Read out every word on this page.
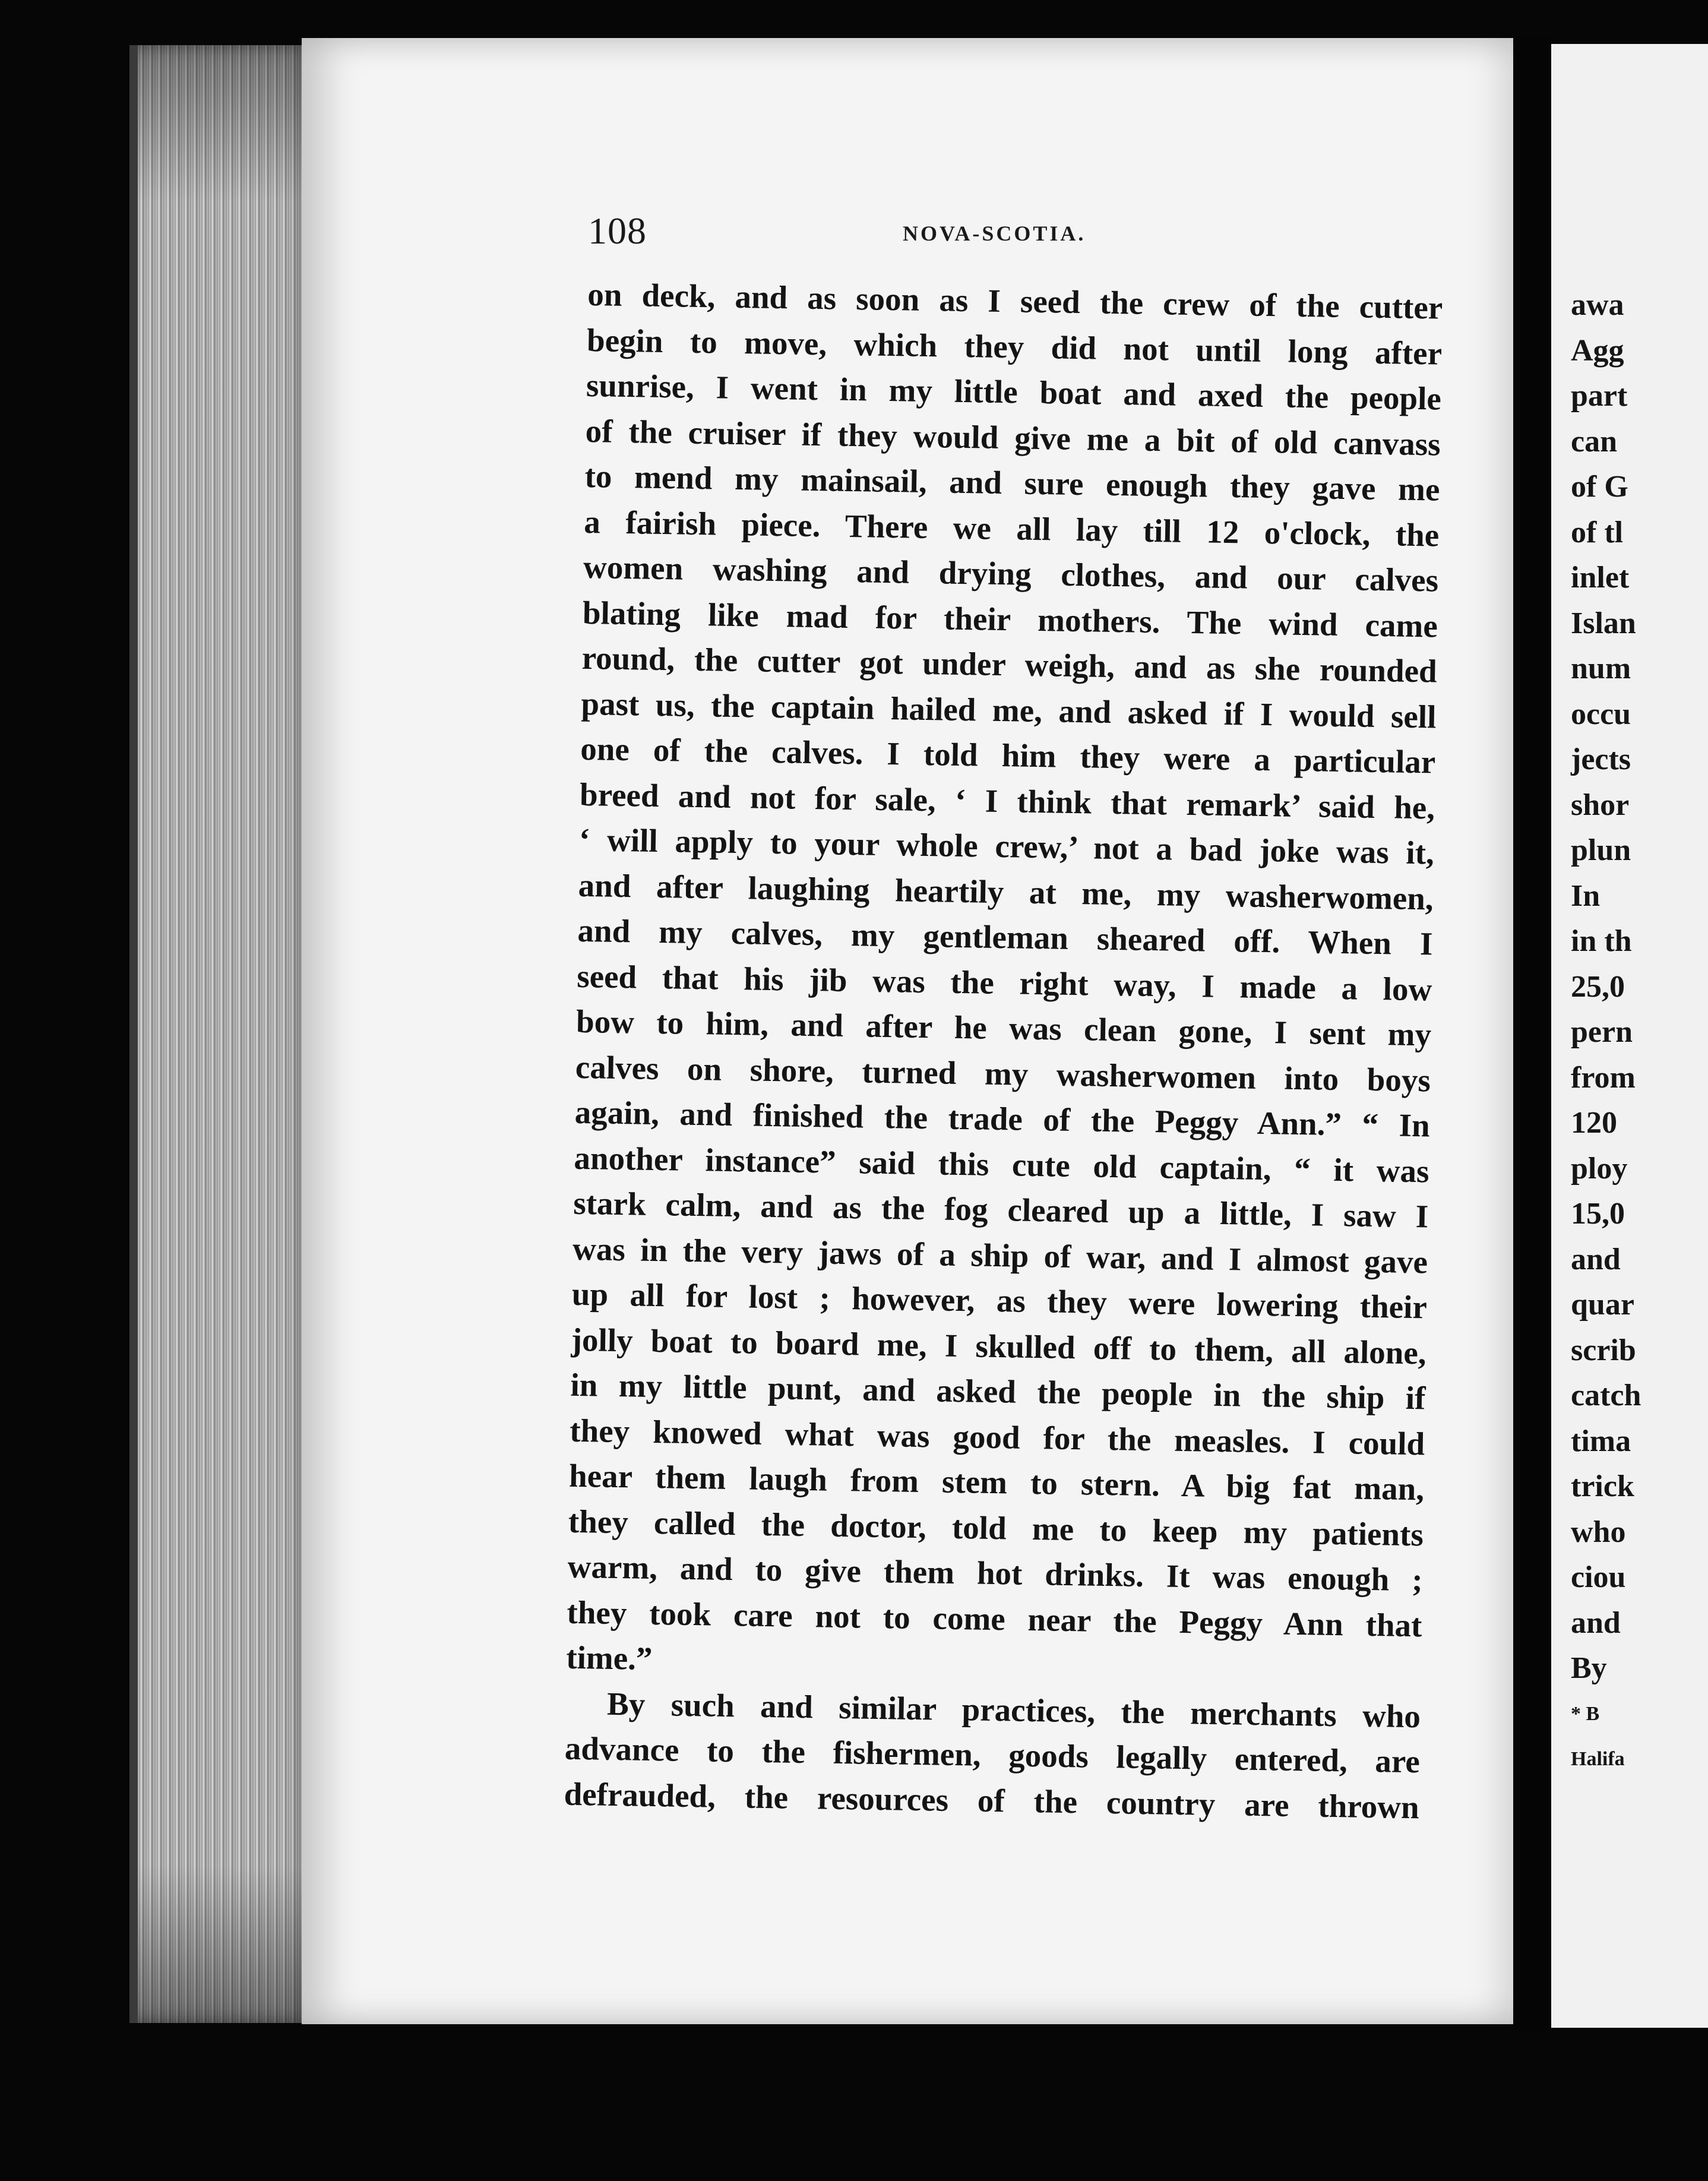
108	NOVA-SCOTIA.
on deck, and as soon as I seed the crew of the cutter
begin to move, which they did not until long after
sunrise, I went in my little boat and axed the people
of the cruiser if they would give me a bit of old canvass
to mend my mainsail, and sure enough they gave me
a fairish piece. There we all lay till 12 o'clock, the
women washing and drying clothes, and our calves
blating like mad for their mothers. The wind came
round, the cutter got under weigh, and as she rounded
past us, the captain hailed me, and asked if I would sell
one of the calves. I told him they were a particular
breed and not for sale, ‘ I think that remark’ said he,
‘ will apply to your whole crew,’ not a bad joke was it,
and after laughing heartily at me, my washerwomen,
and my calves, my gentleman sheared off. When I
seed that his jib was the right way, I made a low
bow to him, and after he was clean gone, I sent my
calves on shore, turned my washerwomen into boys
again, and finished the trade of the Peggy Ann.” “ In
another instance” said this cute old captain, “ it was
stark calm, and as the fog cleared up a little, I saw I
was in the very jaws of a ship of war, and I almost gave
up all for lost ; however, as they were lowering their
jolly boat to board me, I skulled off to them, all alone,
in my little punt, and asked the people in the ship if
they knowed what was good for the measles. I could
hear them laugh from stem to stern. A big fat man,
they called the doctor, told me to keep my patients
warm, and to give them hot drinks. It was enough ;
they took care not to come near the Peggy Ann that
time.”
By such and similar practices, the merchants who
advance to the fishermen, goods legally entered, are
defrauded, the resources of the country are thrown
awa
Agg
part
can
of G
of tl
inlet
Islan
num
occu
jects
shor
plun
In
in th
25,0
pern
from
120
ploy
15,0
and
quar
scrib
catch
tima
trick
who
ciou
and
By
* B
Halifa
